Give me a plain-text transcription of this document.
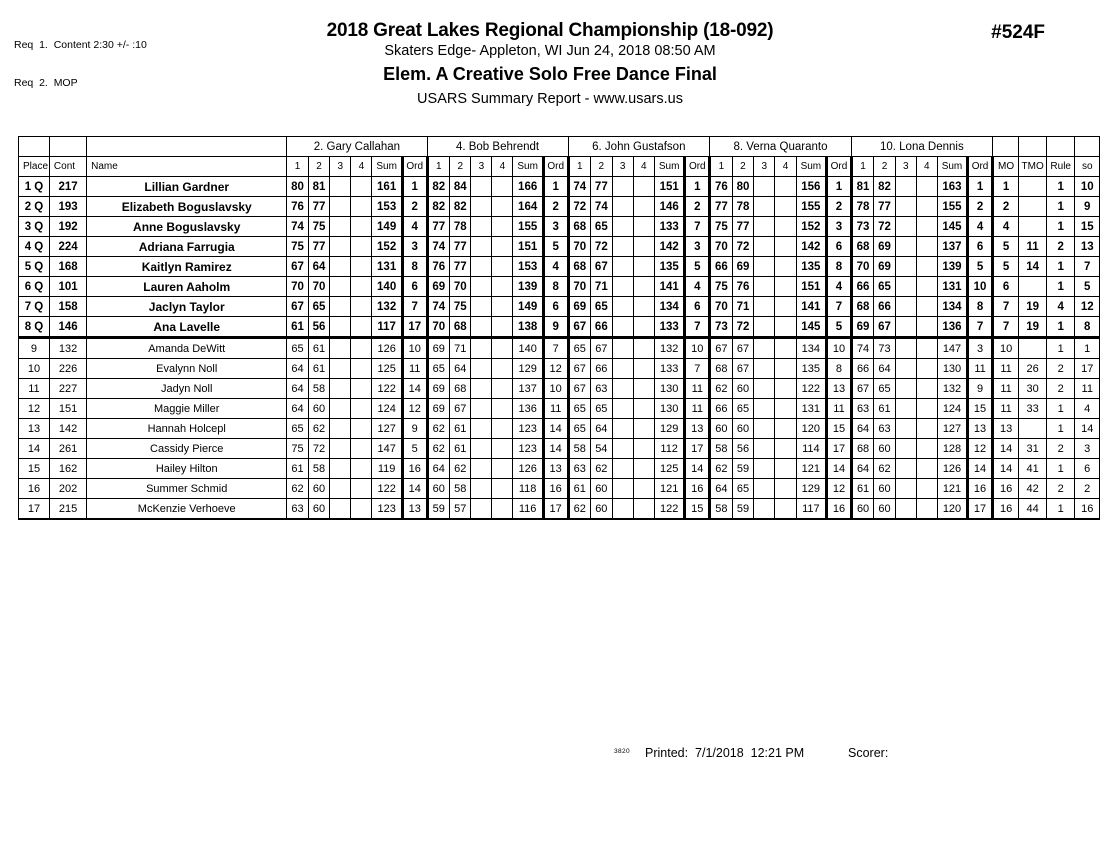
Req  1.  Content 2:30 +/- :10

Req  2.  MOP

2018 Great Lakes Regional Championship (18-092)
Skaters Edge- Appleton, WI Jun 24, 2018 08:50 AM
Elem. A Creative Solo Free Dance Final
USARS Summary Report - www.usars.us
#524F
			2. Gary Callahan						4. Bob Behrendt						6. John Gustafson						8. Verna Quaranto						10. Lona Dennis									
Place	Cont	Name	1	2	3	4	Sum	Ord	1	2	3	4	Sum	Ord	1	2	3	4	Sum	Ord	1	2	3	4	Sum	Ord	1	2	3	4	Sum	Ord	MO	TMO	Rule	so
1 Q	217	Lillian Gardner	80	81			161	1	82	84			166	1	74	77			151	1	76	80			156	1	81	82			163	1	1		1	10
2 Q	193	Elizabeth Boguslavsky	76	77			153	2	82	82			164	2	72	74			146	2	77	78			155	2	78	77			155	2	2		1	9
3 Q	192	Anne Boguslavsky	74	75			149	4	77	78			155	3	68	65			133	7	75	77			152	3	73	72			145	4	4		1	15
4 Q	224	Adriana Farrugia	75	77			152	3	74	77			151	5	70	72			142	3	70	72			142	6	68	69			137	6	5	11	2	13
5 Q	168	Kaitlyn Ramirez	67	64			131	8	76	77			153	4	68	67			135	5	66	69			135	8	70	69			139	5	5	14	1	7
6 Q	101	Lauren Aaholm	70	70			140	6	69	70			139	8	70	71			141	4	75	76			151	4	66	65			131	10	6		1	5
7 Q	158	Jaclyn Taylor	67	65			132	7	74	75			149	6	69	65			134	6	70	71			141	7	68	66			134	8	7	19	4	12
8 Q	146	Ana Lavelle	61	56			117	17	70	68			138	9	67	66			133	7	73	72			145	5	69	67			136	7	7	19	1	8
9	132	Amanda DeWitt	65	61			126	10	69	71			140	7	65	67			132	10	67	67			134	10	74	73			147	3	10		1	1
10	226	Evalynn Noll	64	61			125	11	65	64			129	12	67	66			133	7	68	67			135	8	66	64			130	11	11	26	2	17
11	227	Jadyn Noll	64	58			122	14	69	68			137	10	67	63			130	11	62	60			122	13	67	65			132	9	11	30	2	11
12	151	Maggie Miller	64	60			124	12	69	67			136	11	65	65			130	11	66	65			131	11	63	61			124	15	11	33	1	4
13	142	Hannah Holcepl	65	62			127	9	62	61			123	14	65	64			129	13	60	60			120	15	64	63			127	13	13		1	14
14	261	Cassidy Pierce	75	72			147	5	62	61			123	14	58	54			112	17	58	56			114	17	68	60			128	12	14	31	2	3
15	162	Hailey Hilton	61	58			119	16	64	62			126	13	63	62			125	14	62	59			121	14	64	62			126	14	14	41	1	6
16	202	Summer Schmid	62	60			122	14	60	58			118	16	61	60			121	16	64	65			129	12	61	60			121	16	16	42	2	2
17	215	McKenzie Verhoeve	63	60			123	13	59	57			116	17	62	60			122	15	58	59			117	16	60	60			120	17	16	44	1	16
3820 Printed:  7/1/2018  12:21 PM	Scorer:
